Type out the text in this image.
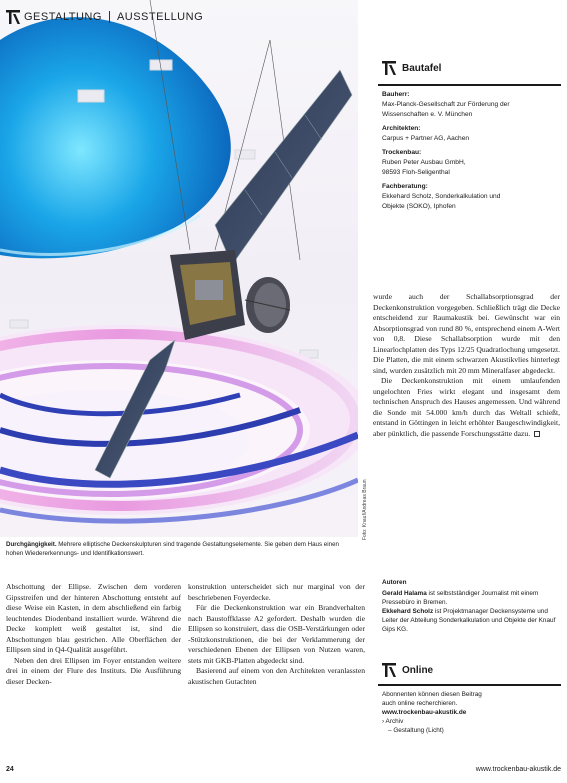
GESTALTUNG AUSSTELLUNG
Foto: Knauf/Andreas Braun
Durchgängigkeit. Mehrere elliptische Deckenskulpturen sind tragende Gestaltungselemente. Sie geben dem Haus einen hohen Wiedererkennungs- und Identifikationswert.
Bautafel
Bauherr:
Max-Planck-Gesellschaft zur Förderung der
Wissenschaften e. V. München
Architekten:
Carpus + Partner AG, Aachen
Trockenbau:
Ruben Peter Ausbau GmbH,
98593 Floh-Seligenthal
Fachberatung:
Ekkehard Scholz, Sonderkalkulation und
Objekte (SOKO), Iphofen

wurde auch der Schallabsorptionsgrad der Deckenkonstruktion vorgegeben. Schließlich trägt die Decke entscheidend zur Raumakustik bei. Gewünscht war ein Absorptionsgrad von rund 80 %, entsprechend einem A-Wert von 0,8. Diese Schallabsorption wurde mit den Linearlochplatten des Typs 12/25 Quadratlochung umgesetzt. Die Platten, die mit einem schwarzen Akustikvlies hinterlegt sind, wurden zusätzlich mit 20 mm Mineralfaser abgedeckt.

Die Deckenkonstruktion mit einem umlaufenden ungelochten Fries wirkt elegant und insgesamt dem technischen Anspruch des Hauses angemessen. Und während die Sonde mit 54.000 km/h durch das Weltall schießt, entstand in Göttingen in leicht erhöhter Baugeschwindigkeit, aber pünktlich, die passende Forschungsstätte dazu.

Abschottung der Ellipse. Zwischen dem vorderen Gipsstreifen und der hinteren Abschottung entsteht auf diese Weise ein Kasten, in dem abschließend ein farbig leuchtendes Diodenband installiert wurde. Während die Decke komplett weiß gestaltet ist, sind die Abschottungen blau gestrichen. Alle Oberflächen der Ellipsen sind in Q4-Qualität ausgeführt.

Neben den drei Ellipsen im Foyer entstanden weitere drei in einem der Flure des Instituts. Die Ausführung dieser Decken-

konstruktion unterscheidet sich nur marginal von der beschriebenen Foyerdecke.

Für die Deckenkonstruktion war ein Brandverhalten nach Baustoffklasse A2 gefordert. Deshalb wurden die Ellipsen so konstruiert, dass die OSB-Verstärkungen oder -Stützkonstruktionen, die bei der Verklammerung der verschiedenen Ebenen der Ellipsen von Nutzen waren, stets mit GKB-Platten abgedeckt sind.

Basierend auf einem von den Architekten veranlassten akustischen Gutachten

Autoren
Gerald Halama ist selbstständiger Journalist mit einem Pressebüro in Bremen.
Ekkehard Scholz ist Projektmanager Deckensysteme und Leiter der Abteilung Sonderkalkulation und Objekte der Knauf Gips KG.
Online
Abonnenten können diesen Beitrag
auch online recherchieren.
www.trockenbau-akustik.de
› Archiv
– Gestaltung (Licht)
24	www.trockenbau-akustik.de
